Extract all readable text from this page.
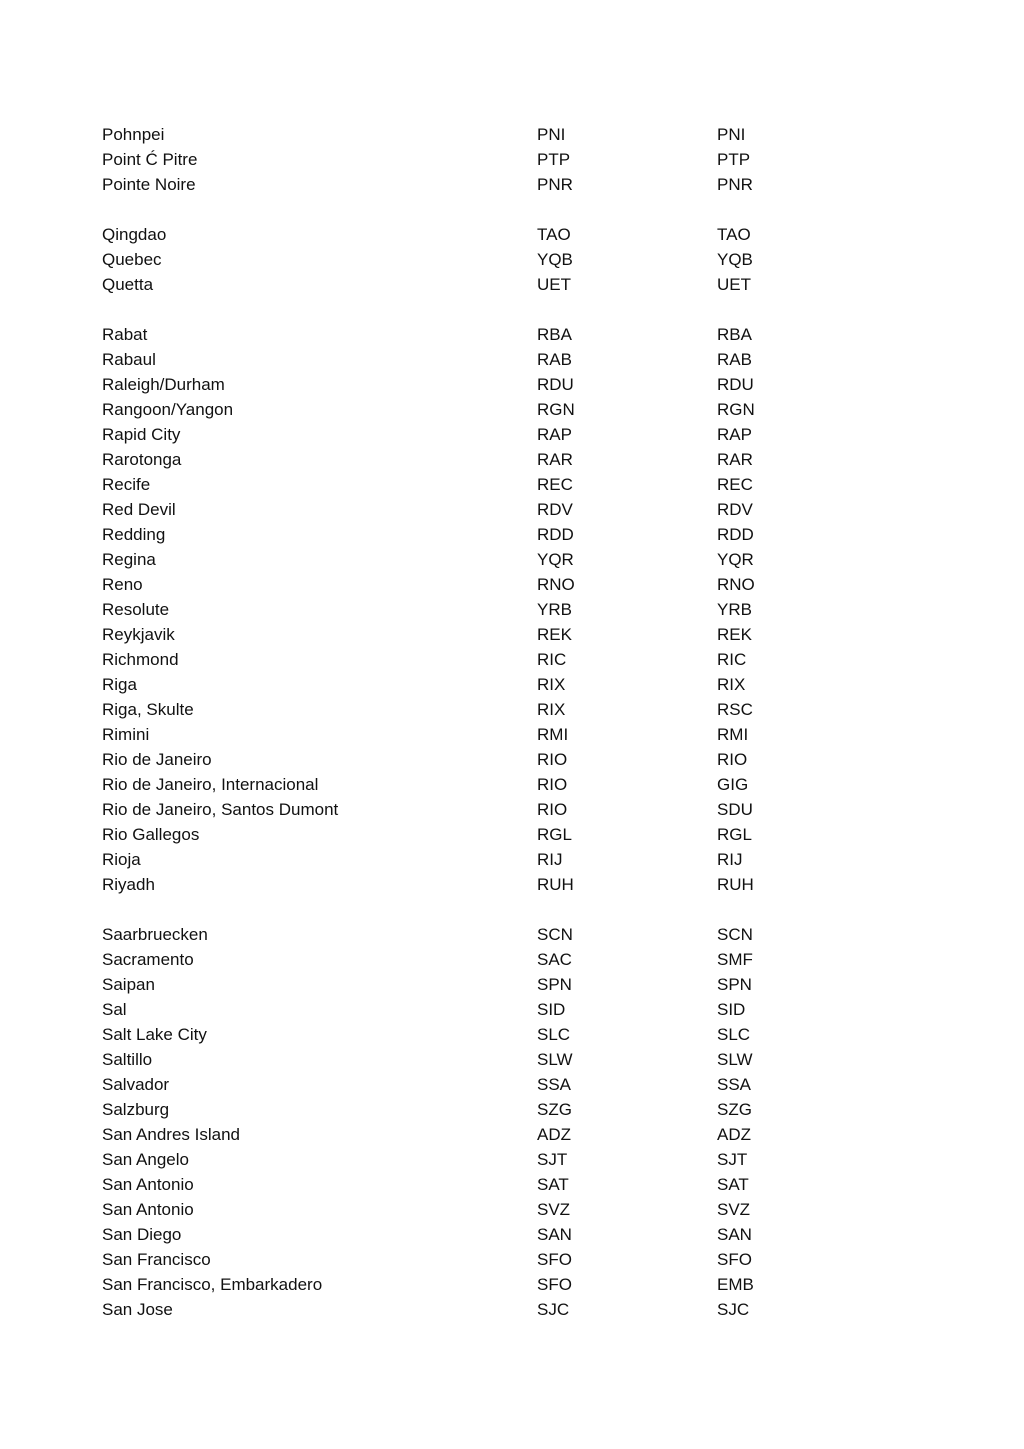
Pohnpei	PNI	PNI
Point Ć Pitre	PTP	PTP
Pointe Noire	PNR	PNR
Qingdao	TAO	TAO
Quebec	YQB	YQB
Quetta	UET	UET
Rabat	RBA	RBA
Rabaul	RAB	RAB
Raleigh/Durham	RDU	RDU
Rangoon/Yangon	RGN	RGN
Rapid City	RAP	RAP
Rarotonga	RAR	RAR
Recife	REC	REC
Red Devil	RDV	RDV
Redding	RDD	RDD
Regina	YQR	YQR
Reno	RNO	RNO
Resolute	YRB	YRB
Reykjavik	REK	REK
Richmond	RIC	RIC
Riga	RIX	RIX
Riga, Skulte	RIX	RSC
Rimini	RMI	RMI
Rio de Janeiro	RIO	RIO
Rio de Janeiro, Internacional	RIO	GIG
Rio de Janeiro, Santos Dumont	RIO	SDU
Rio Gallegos	RGL	RGL
Rioja	RIJ	RIJ
Riyadh	RUH	RUH
Saarbruecken	SCN	SCN
Sacramento	SAC	SMF
Saipan	SPN	SPN
Sal	SID	SID
Salt Lake City	SLC	SLC
Saltillo	SLW	SLW
Salvador	SSA	SSA
Salzburg	SZG	SZG
San Andres Island	ADZ	ADZ
San Angelo	SJT	SJT
San Antonio	SAT	SAT
San Antonio	SVZ	SVZ
San Diego	SAN	SAN
San Francisco	SFO	SFO
San Francisco, Embarkadero	SFO	EMB
San Jose	SJC	SJC
